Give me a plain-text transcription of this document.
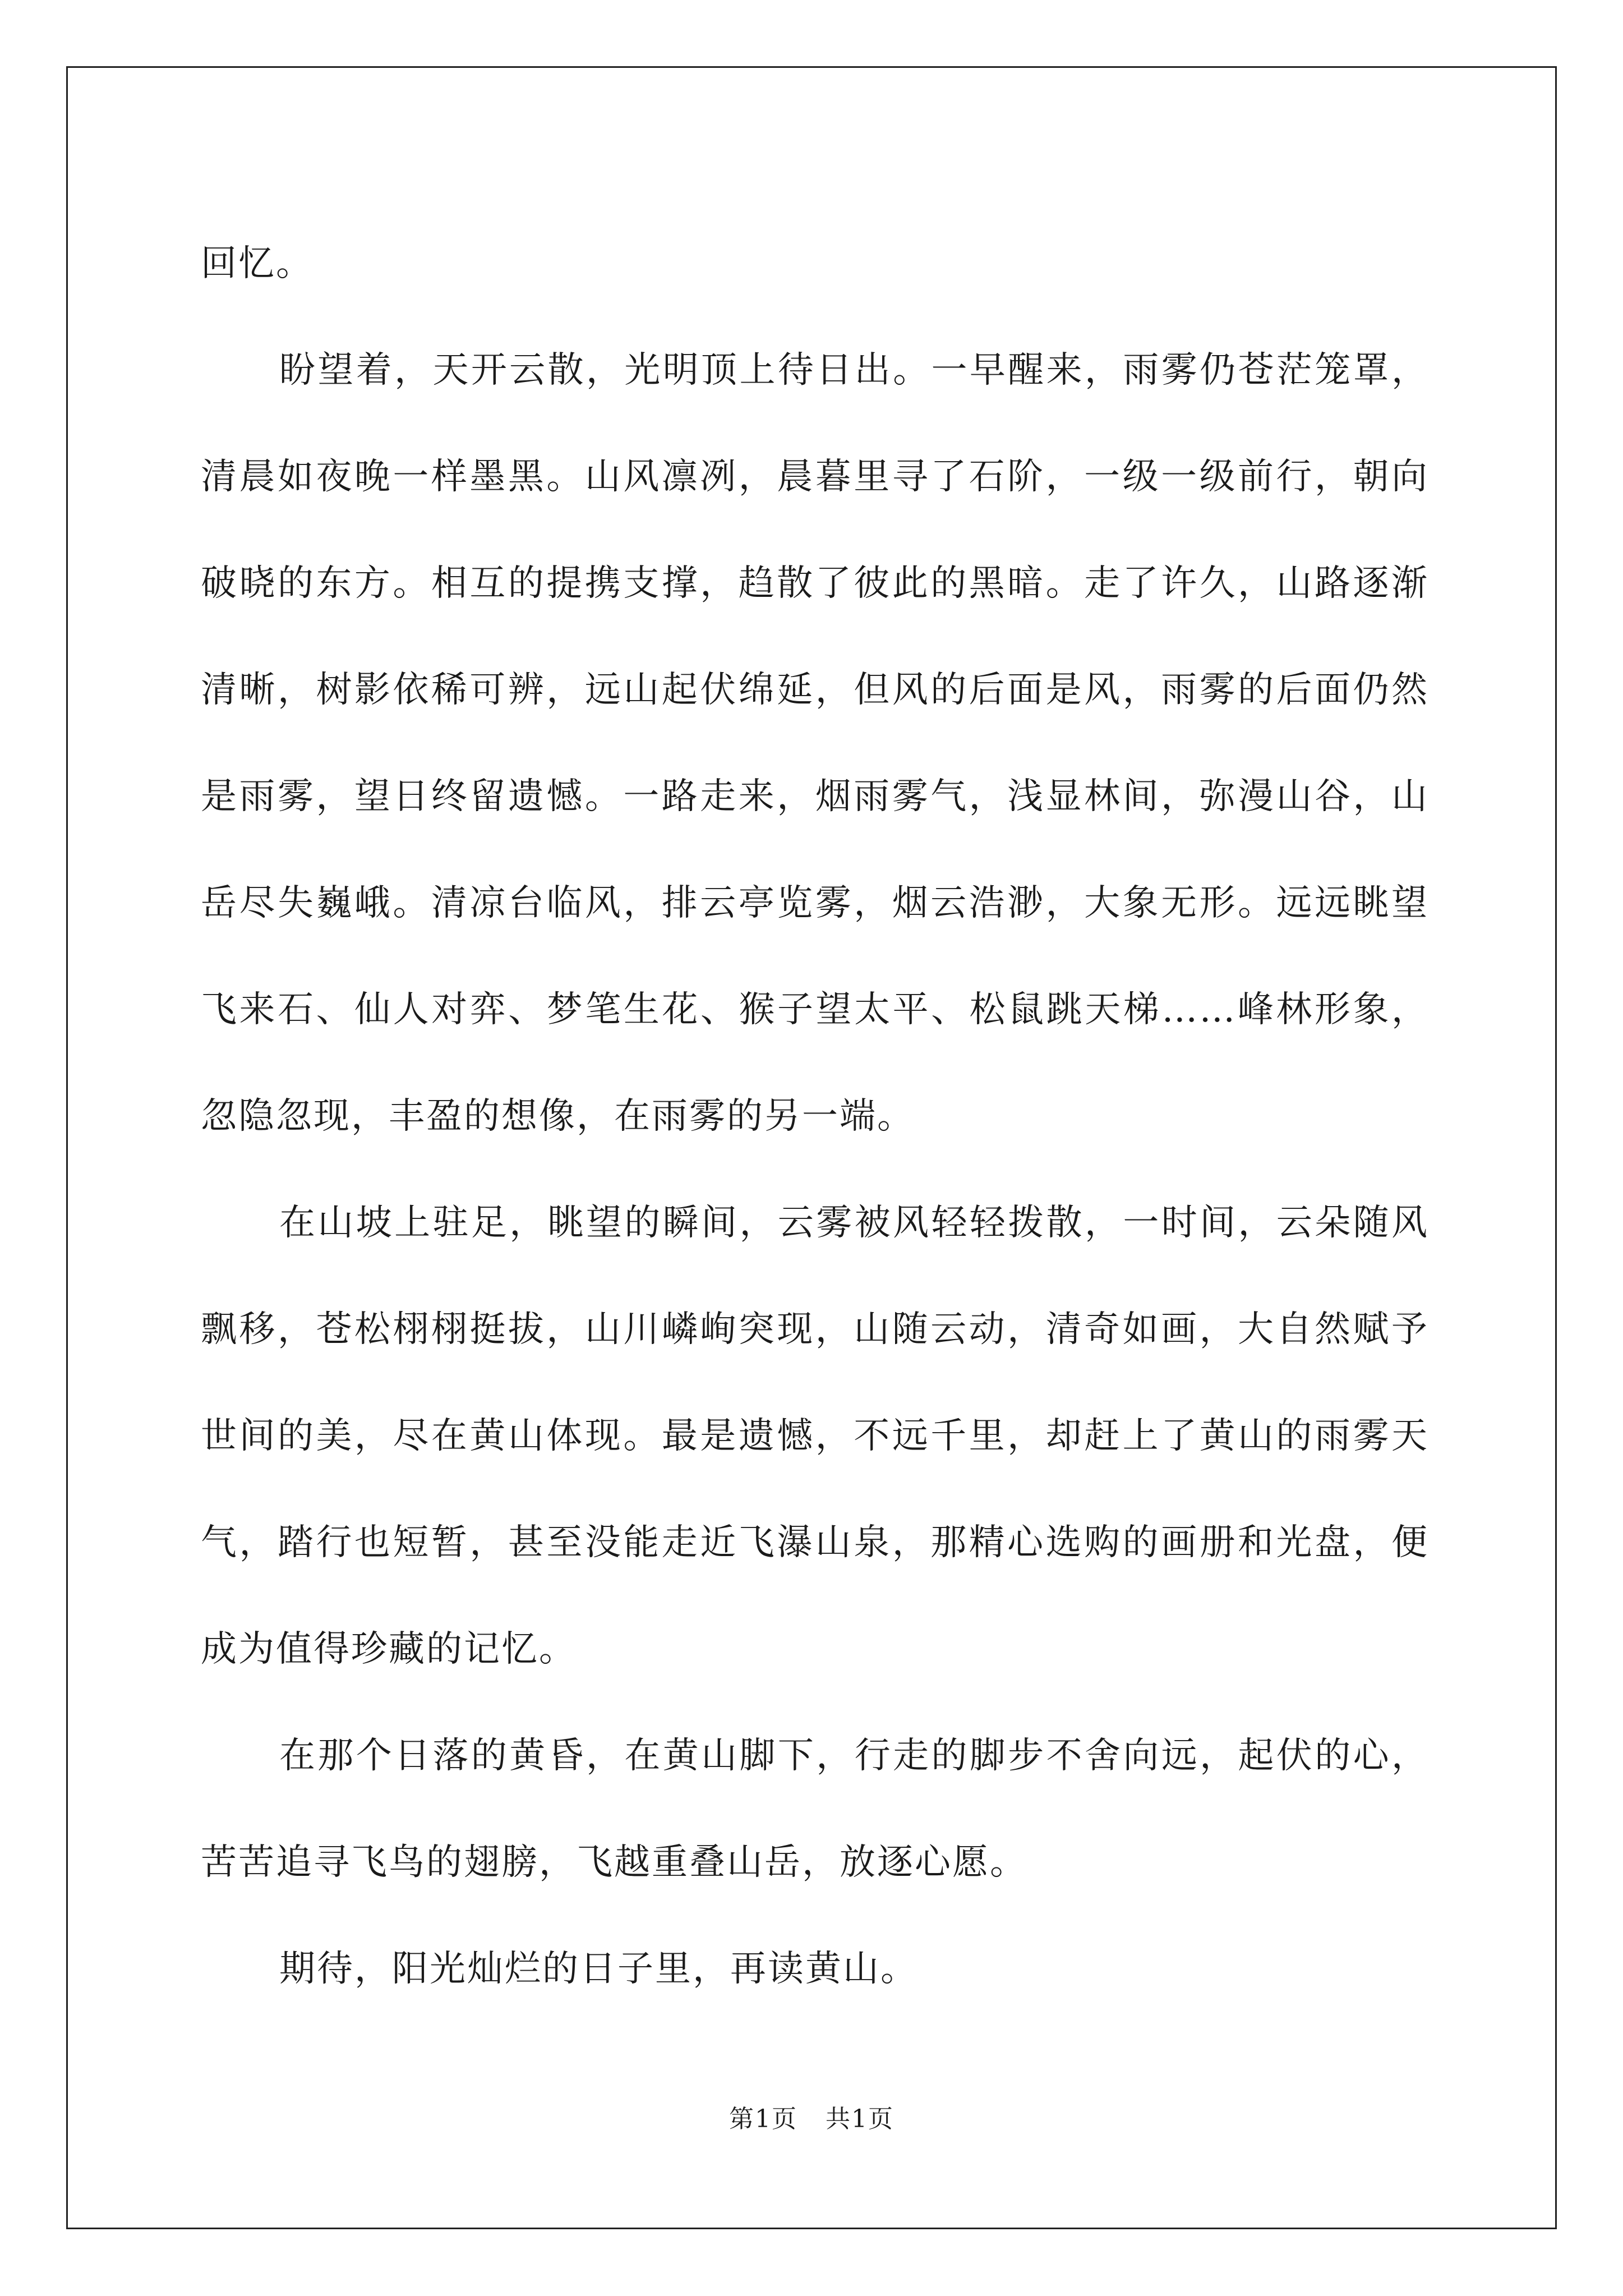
回忆。

盼望着，天开云散，光明顶上待日出。一早醒来，雨雾仍苍茫笼罩，清晨如夜晚一样墨黑。山风凛冽，晨暮里寻了石阶，一级一级前行，朝向破晓的东方。相互的提携支撑，趋散了彼此的黑暗。走了许久，山路逐渐清晰，树影依稀可辨，远山起伏绵延，但风的后面是风，雨雾的后面仍然是雨雾，望日终留遗憾。一路走来，烟雨雾气，浅显林间，弥漫山谷，山岳尽失巍峨。清凉台临风，排云亭览雾，烟云浩渺，大象无形。远远眺望飞来石、仙人对弈、梦笔生花、猴子望太平、松鼠跳天梯……峰林形象，忽隐忽现，丰盈的想像，在雨雾的另一端。

在山坡上驻足，眺望的瞬间，云雾被风轻轻拨散，一时间，云朵随风飘移，苍松栩栩挺拔，山川嶙峋突现，山随云动，清奇如画，大自然赋予世间的美，尽在黄山体现。最是遗憾，不远千里，却赶上了黄山的雨雾天气，踏行也短暂，甚至没能走近飞瀑山泉，那精心选购的画册和光盘，便成为值得珍藏的记忆。

在那个日落的黄昏，在黄山脚下，行走的脚步不舍向远，起伏的心，苦苦追寻飞鸟的翅膀，飞越重叠山岳，放逐心愿。

期待，阳光灿烂的日子里，再读黄山。

第1页 共1页
